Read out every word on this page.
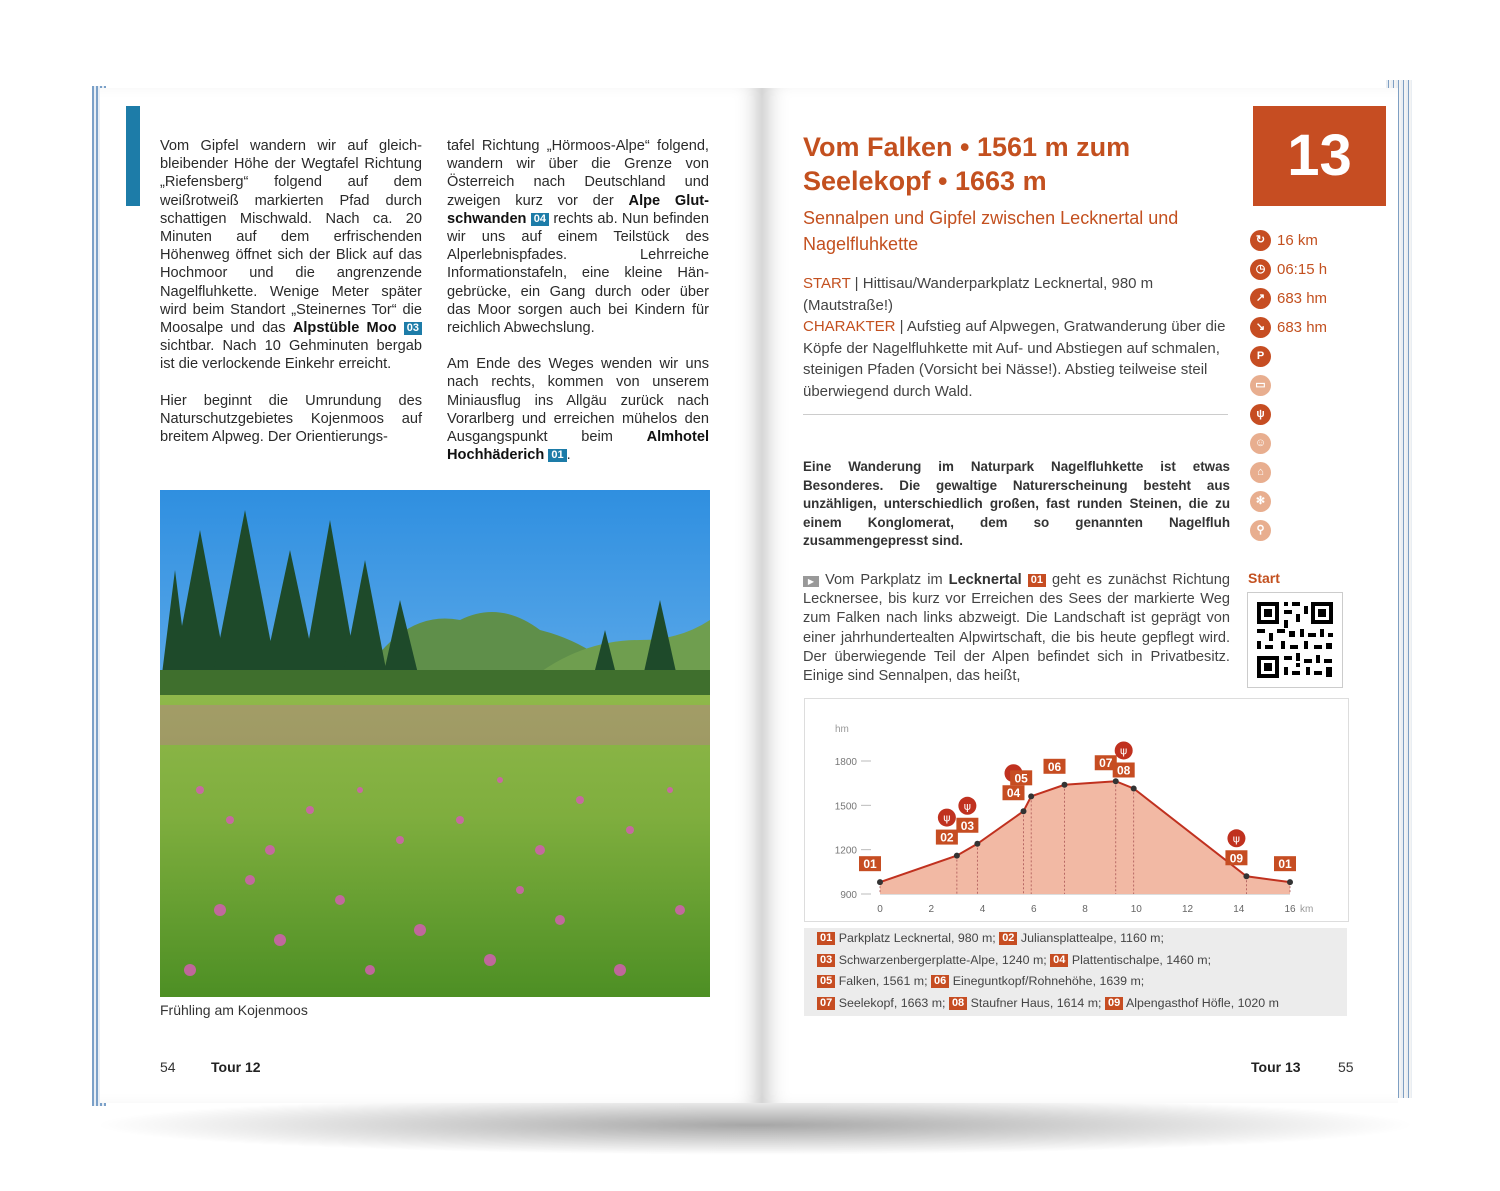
Vom Gipfel wandern wir auf gleichbleibender Höhe der Wegtafel Richtung „Riefensberg“ folgend auf dem weißrotweiß markierten Pfad durch schattigen Mischwald. Nach ca. 20 Minuten auf dem erfrischenden Höhenweg öffnet sich der Blick auf das Hochmoor und die angrenzende Nagelfluhkette. Wenige Meter später wird beim Standort „Steinernes Tor“ die Moosalpe und das Alpstüble Moo 03 sichtbar. Nach 10 Gehminuten bergab ist die verlockende Einkehr erreicht.

Hier beginnt die Umrundung des Naturschutzgebietes Kojenmoos auf breitem Alpweg. Der Orientierungs-

tafel Richtung „Hörmoos-Alpe“ folgend, wandern wir über die Grenze von Österreich nach Deutschland und zweigen kurz vor der Alpe Glutschwanden 04 rechts ab. Nun befinden wir uns auf einem Teilstück des Alperlebnispfades. Lehrreiche Informationstafeln, eine kleine Hängebrücke, ein Gang durch oder über das Moor sorgen auch bei Kindern für reichlich Abwechslung.

Am Ende des Weges wenden wir uns nach rechts, kommen von unserem Miniausflug ins Allgäu zurück nach Vorarlberg und erreichen mühelos den Ausgangspunkt beim Almhotel Hochhäderich 01 .

Frühling am Kojenmoos
54	Tour 12
Vom Falken • 1561 m zum Seelekopf • 1663 m
Sennalpen und Gipfel zwischen Lecknertal und Nagelfluhkette
13
START | Hittisau/Wanderparkplatz Lecknertal, 980 m (Mautstraße!)
CHARAKTER | Aufstieg auf Alpwegen, Gratwanderung über die Köpfe der Nagelfluhkette mit Auf- und Abstiegen auf schmalen, steinigen Pfaden (Vorsicht bei Nässe!). Abstieg teilweise steil überwiegend durch Wald.
Eine Wanderung im Naturpark Nagelfluhkette ist etwas Besonderes. Die gewaltige Naturerscheinung besteht aus unzähligen, unterschiedlich großen, fast runden Steinen, die zu einem Konglomerat, dem so genannten Nagelfluh zusammengepresst sind.
▶ Vom Parkplatz im Lecknertal 01 geht es zunächst Richtung Lecknersee, bis kurz vor Erreichen des Sees der markierte Weg zum Falken nach links abzweigt. Die Landschaft ist geprägt von einer jahrhundertealten Alpwirtschaft, die bis heute gepflegt wird. Der überwiegende Teil der Alpen befindet sich in Privatbesitz. Einige sind Sennalpen, das heißt,
↻ 16 km
◷ 06:15 h
↗ 683 hm
↘ 683 hm
P
▭
ψ
☺
⌂
✻
⚲
Start
hm
900
1200
1500
1800
0	2	4	6	8	10	12	14	16 km
01
02
ψ
03
ψ
04
05
06	07
08
ψ
09
ψ
01
01 Parkplatz Lecknertal, 980 m; 02 Juliansplattealpe, 1160 m;
03 Schwarzenbergerplatte-Alpe, 1240 m; 04 Plattentischalpe, 1460 m;
05 Falken, 1561 m; 06 Eineguntkopf/Rohnehöhe, 1639 m;
07 Seelekopf, 1663 m; 08 Staufner Haus, 1614 m; 09 Alpengasthof Höfle, 1020 m
Tour 13	55
